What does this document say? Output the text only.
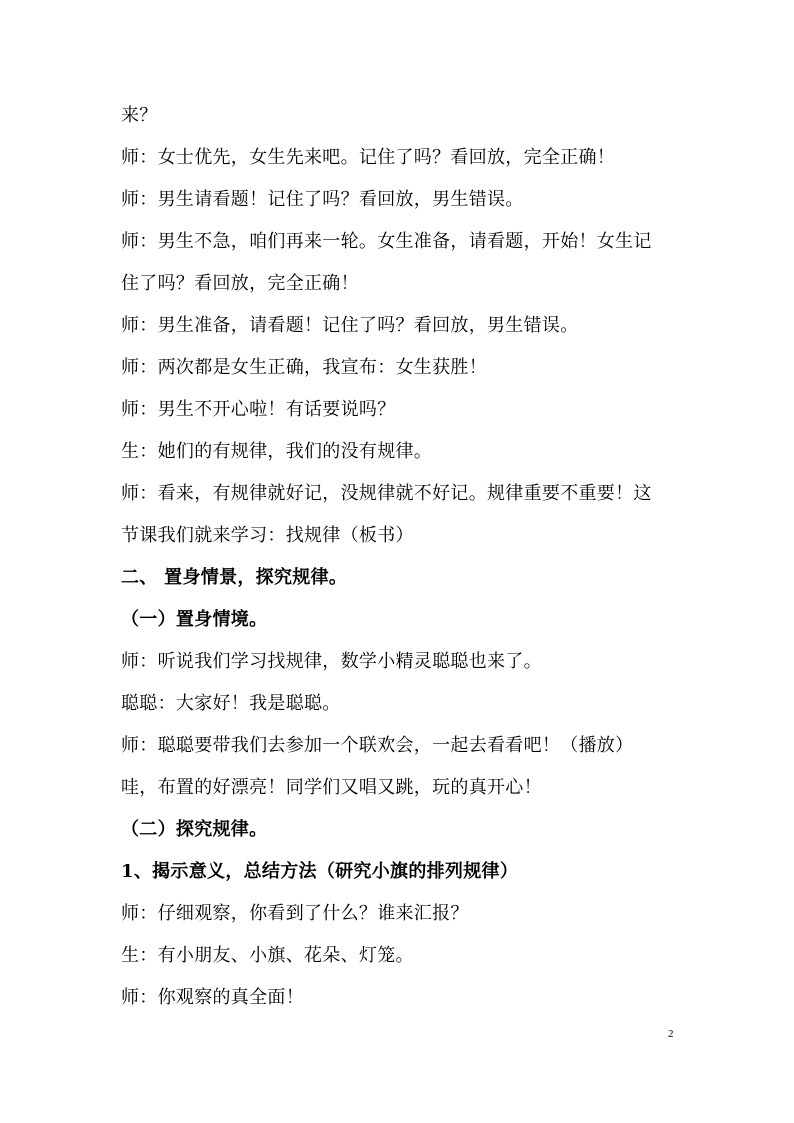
来？
师：女士优先，女生先来吧。记住了吗？看回放，完全正确！
师：男生请看题！记住了吗？看回放，男生错误。
师：男生不急，咱们再来一轮。女生准备，请看题，开始！女生记
住了吗？看回放，完全正确！
师：男生准备，请看题！记住了吗？看回放，男生错误。
师：两次都是女生正确，我宣布：女生获胜！
师：男生不开心啦！有话要说吗？
生：她们的有规律，我们的没有规律。
师：看来，有规律就好记，没规律就不好记。规律重要不重要！这
节课我们就来学习：找规律（板书）
二、 置身情景，探究规律。
（一）置身情境。
师：听说我们学习找规律，数学小精灵聪聪也来了。
聪聪：大家好！我是聪聪。
师：聪聪要带我们去参加一个联欢会，一起去看看吧！（播放）
哇，布置的好漂亮！同学们又唱又跳，玩的真开心！
（二）探究规律。
1、揭示意义，总结方法（研究小旗的排列规律）
师：仔细观察，你看到了什么？谁来汇报？
生：有小朋友、小旗、花朵、灯笼。
师：你观察的真全面！
2
